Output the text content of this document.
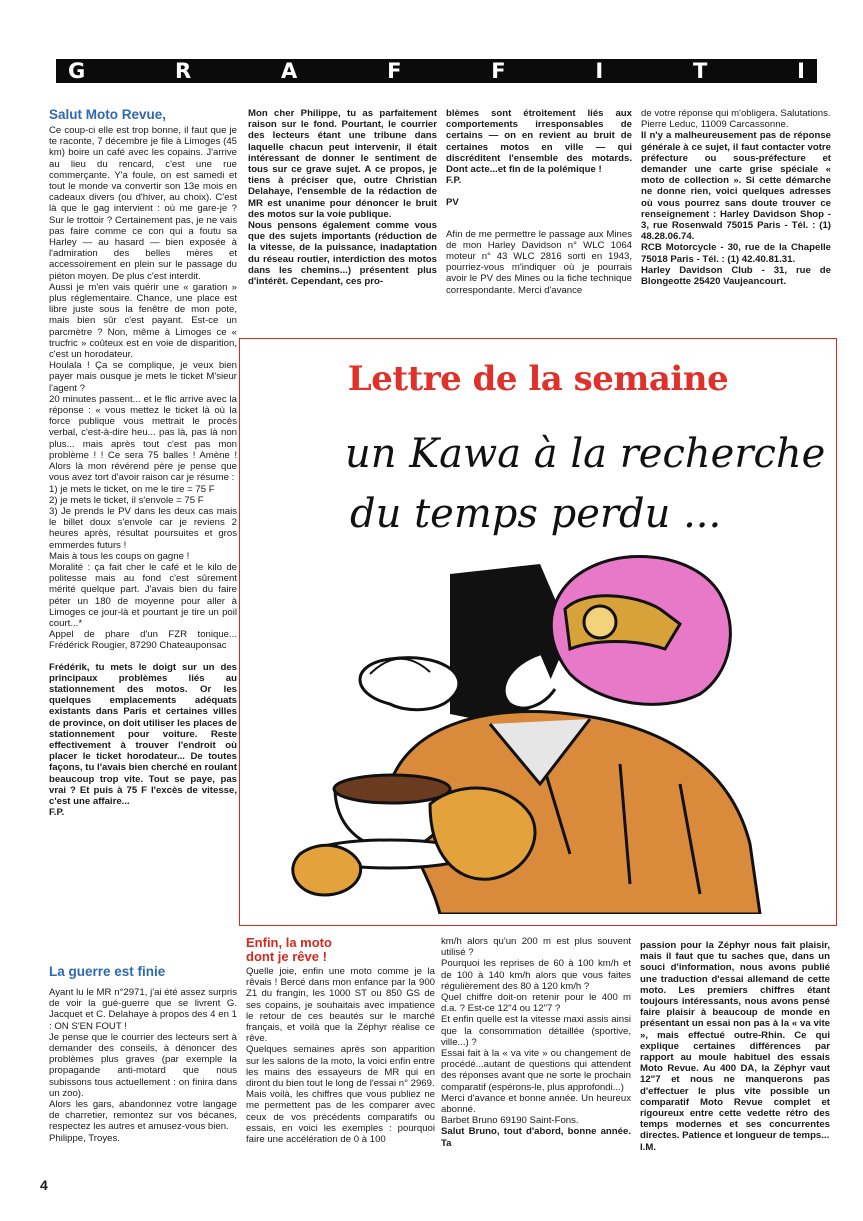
G	R	A	F	F	I	T	I

Salut Moto Revue,

Ce coup-ci elle est trop bonne, il faut que je te raconte, 7 décembre je file à Limoges (45 km) boire un café avec les copains. J'arrive au lieu du rencard, c'est une rue commerçante. Y'a foule, on est samedi et tout le monde va convertir son 13e mois en cadeaux divers (ou d'hiver, au choix). C'est là que le gag intervient : où me gare-je ? Sur le trottoir ? Certainement pas, je ne vais pas faire comme ce con qui a foutu sa Harley — au hasard — bien exposée à l'admiration des belles mères et accessoirement en plein sur le passage du piéton moyen. De plus c'est interdit.

Aussi je m'en vais quérir une « garation » plus réglementaire. Chance, une place est libre juste sous la fenêtre de mon pote, mais bien sûr c'est payant. Est-ce un parcmètre ? Non, même à Limoges ce « trucfric » coûteux est en voie de disparition, c'est un horodateur.

Houlala ! Ça se complique, je veux bien payer mais ousque je mets le ticket M'sieur l'agent ?

20 minutes passent... et le flic arrive avec la réponse : « vous mettez le ticket là où la force publique vous mettrait le procès verbal, c'est-à-dire heu... pas là, pas là non plus... mais après tout c'est pas mon problème ! ! Ce sera 75 balles ! Amène ! Alors là mon révérend père je pense que vous avez tort d'avoir raison car je résume :

1) je mets le ticket, on me le tire = 75 F

2) je mets le ticket, il s'envole = 75 F

3) Je prends le PV dans les deux cas mais le billet doux s'envole car je reviens 2 heures après, résultat poursuites et gros emmerdes futurs !

Mais à tous les coups on gagne !

Moralité : ça fait cher le café et le kilo de politesse mais au fond c'est sûrement mérité quelque part. J'avais bien du faire péter un 180 de moyenne pour aller à Limoges ce jour-là et pourtant je tire un poil court...*

Appel de phare d'un FZR tonique... Frédérick Rougier, 87290 Chateauponsac

Frédérik, tu mets le doigt sur un des principaux problèmes liés au stationnement des motos. Or les quelques emplacements adéquats existants dans Paris et certaines villes de province, on doit utiliser les places de stationnement pour voiture. Reste effectivement à trouver l'endroit où placer le ticket horodateur... De toutes façons, tu l'avais bien cherché en roulant beaucoup trop vite. Tout se paye, pas vrai ? Et puis à 75 F l'excès de vitesse, c'est une affaire...

F.P.

Mon cher Philippe, tu as parfaitement raison sur le fond. Pourtant, le courrier des lecteurs étant une tribune dans laquelle chacun peut intervenir, il était intéressant de donner le sentiment de tous sur ce grave sujet. A ce propos, je tiens à préciser que, outre Christian Delahaye, l'ensemble de la rédaction de MR est unanime pour dénoncer le bruit des motos sur la voie publique.

Nous pensons également comme vous que des sujets importants (réduction de la vitesse, de la puissance, inadaptation du réseau routier, interdiction des motos dans les chemins...) présentent plus d'intérêt. Cependant, ces pro-

blèmes sont étroitement liés aux comportements irresponsables de certains — on en revient au bruit de certaines motos en ville — qui discréditent l'ensemble des motards. Dont acte...et fin de la polémique !

F.P.

PV

Afin de me permettre le passage aux Mines de mon Harley Davidson n° WLC 1064 moteur n° 43 WLC 2816 sorti en 1943, pourriez-vous m'indiquer où je pourrais avoir le PV des Mines ou la fiche technique correspondante. Merci d'avance

de votre réponse qui m'obligera. Salutations.

Pierre Leduc, 11009 Carcassonne.

Il n'y a malheureusement pas de réponse générale à ce sujet, il faut contacter votre préfecture ou sous-préfecture et demander une carte grise spéciale « moto de collection ». Si cette démarche ne donne rien, voici quelques adresses où vous pourrez sans doute trouver ce renseignement : Harley Davidson Shop - 3, rue Rosenwald 75015 Paris - Tél. : (1) 48.28.06.74.

RCB Motorcycle - 30, rue de la Chapelle 75018 Paris - Tél. : (1) 42.40.81.31.

Harley Davidson Club - 31, rue de Blongeotte 25420 Vaujeancourt.

Lettre de la semaine
un Kawa à la recherche
du temps perdu ...

La guerre est finie

Ayant lu le MR n°2971, j'ai été assez surpris de voir la gué-guerre que se livrent G. Jacquet et C. Delahaye à propos des 4 en 1 : ON S'EN FOUT !

Je pense que le courrier des lecteurs sert à demander des conseils, à dénoncer des problèmes plus graves (par exemple la propagande anti-motard que nous subissons tous actuellement : on finira dans un zoo).

Alors les gars, abandonnez votre langage de charretier, remontez sur vos bécanes, respectez les autres et amusez-vous bien.

Philippe, Troyes.

Enfin, la moto

dont je rêve !

Quelle joie, enfin une moto comme je la rêvais ! Bercé dans mon enfance par la 900 Z1 du frangin, les 1000 ST ou 850 GS de ses copains, je souhaitais avec impatience le retour de ces beautés sur le marché français, et voilà que la Zéphyr réalise ce rêve.

Quelques semaines après son apparition sur les salons de la moto, la voici enfin entre les mains des essayeurs de MR qui en diront du bien tout le long de l'essai n° 2969.

Mais voilà, les chiffres que vous publiez ne me permettent pas de les comparer avec ceux de vos précédents comparatifs ou essais, en voici les exemples : pourquoi faire une accélération de 0 à 100

km/h alors qu'un 200 m est plus souvent utilisé ?

Pourquoi les reprises de 60 à 100 km/h et de 100 à 140 km/h alors que vous faites régulièrement des 80 à 120 km/h ?

Quel chiffre doit-on retenir pour le 400 m d.a. ? Est-ce 12"4 ou 12"7 ?

Et enfin quelle est la vitesse maxi assis ainsi que la consommation détaillée (sportive, ville...) ?

Essai fait à la « va vite » ou changement de procédé...autant de questions qui attendent des réponses avant que ne sorte le prochain comparatif (espérons-le, plus approfondi...)

Merci d'avance et bonne année. Un heureux abonné.

Barbet Bruno 69190 Saint-Fons.

Salut Bruno, tout d'abord, bonne année. Ta

passion pour la Zéphyr nous fait plaisir, mais il faut que tu saches que, dans un souci d'information, nous avons publié une traduction d'essai allemand de cette moto. Les premiers chiffres étant toujours intéressants, nous avons pensé faire plaisir à beaucoup de monde en présentant un essai non pas à la « va vite », mais effectué outre-Rhin. Ce qui explique certaines différences par rapport au moule habituel des essais Moto Revue. Au 400 DA, la Zéphyr vaut 12"7 et nous ne manquerons pas d'effectuer le plus vite possible un comparatif Moto Revue complet et rigoureux entre cette vedette rétro des temps modernes et ses concurrentes directes. Patience et longueur de temps...

I.M.

4
